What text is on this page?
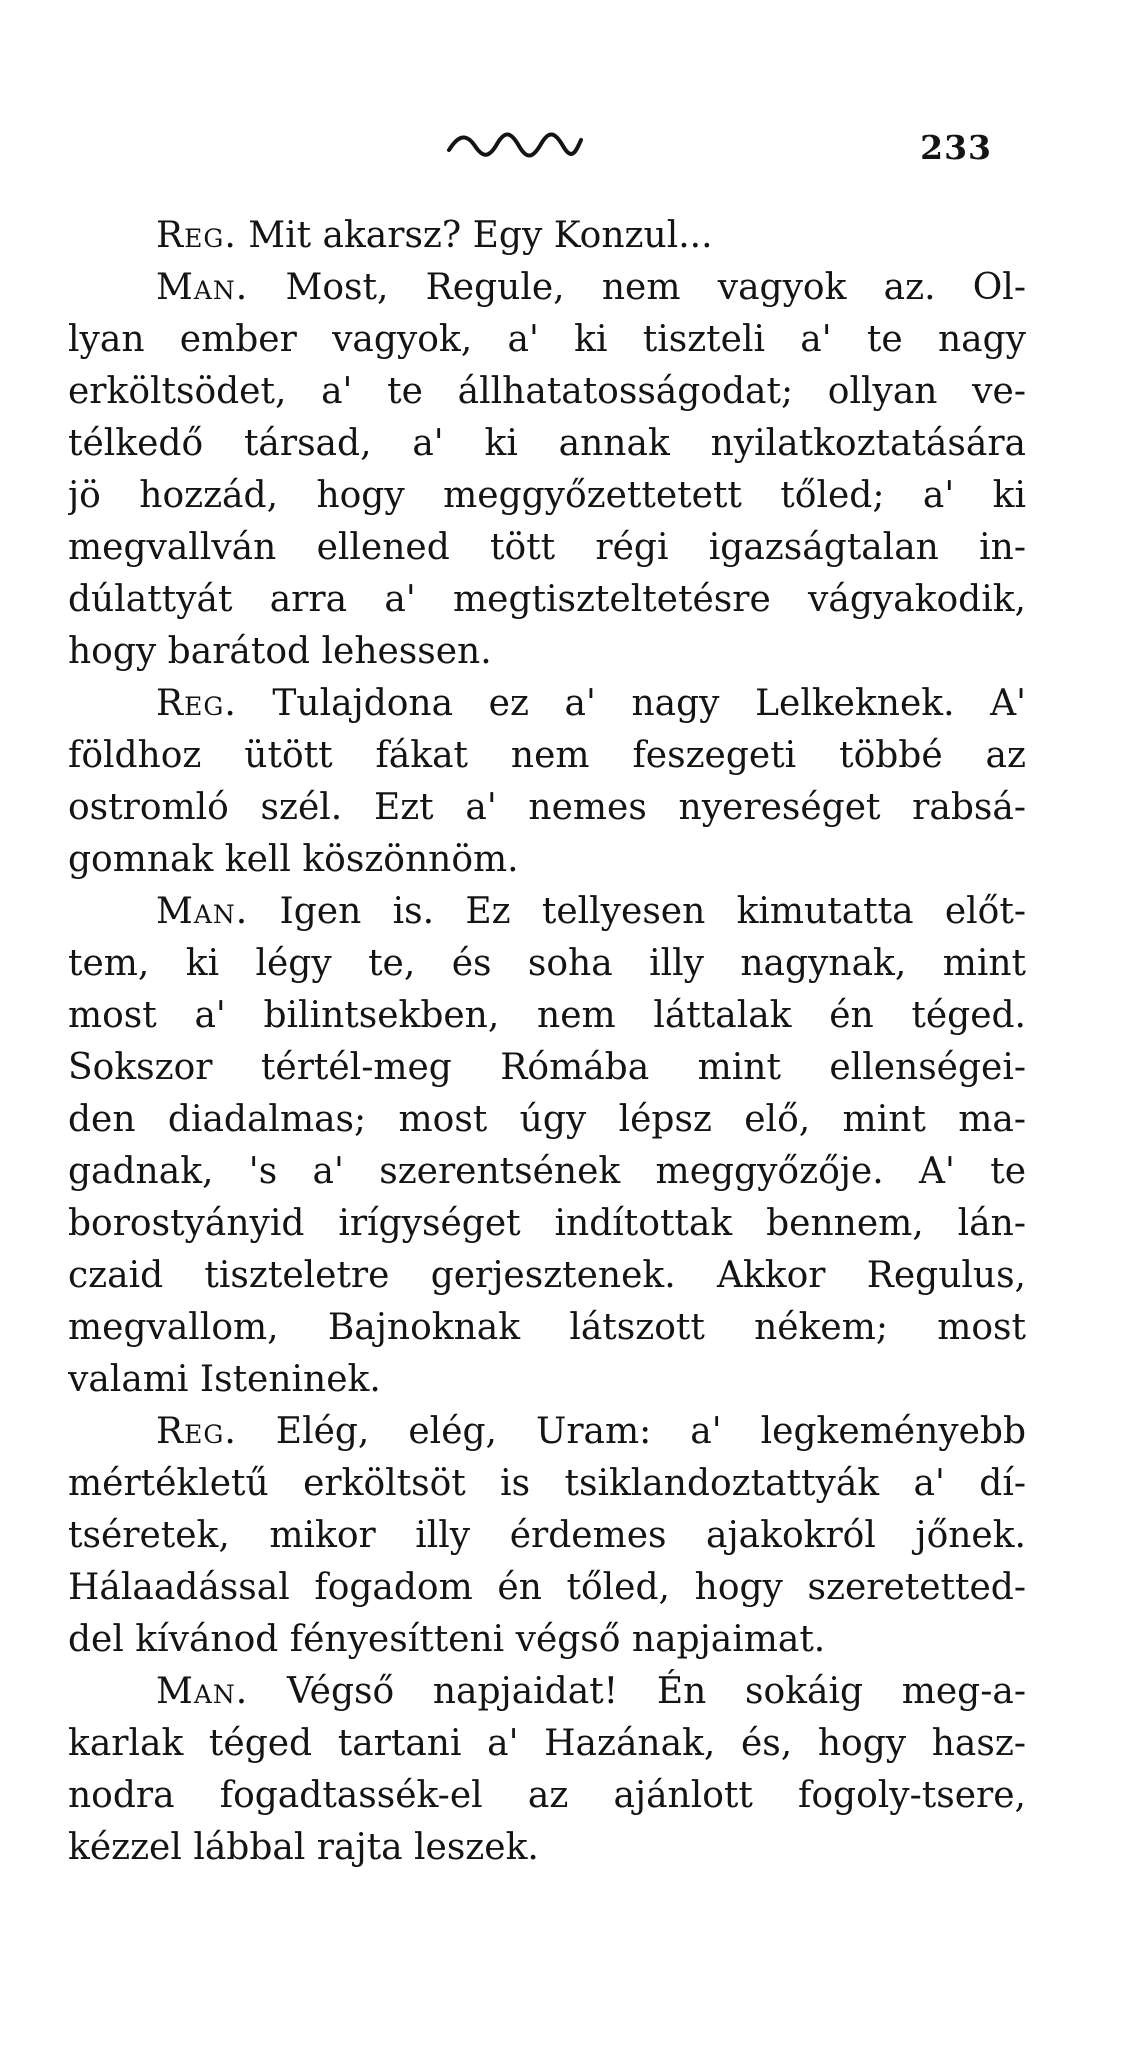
233
Reg. Mit akarsz? Egy Konzul...
Man. Most, Regule, nem vagyok az. Ol-
lyan ember vagyok, a' ki tiszteli a' te nagy
erköltsödet, a' te állhatatosságodat; ollyan ve-
télkedő társad, a' ki annak nyilatkoztatására
jö hozzád, hogy meggyőzettetett tőled; a' ki
megvallván ellened tött régi igazságtalan in-
dúlattyát arra a' megtiszteltetésre vágyakodik,
hogy barátod lehessen.
Reg. Tulajdona ez a' nagy Lelkeknek. A'
földhoz ütött fákat nem feszegeti többé az
ostromló szél. Ezt a' nemes nyereséget rabsá-
gomnak kell köszönnöm.
Man. Igen is. Ez tellyesen kimutatta előt-
tem, ki légy te, és soha illy nagynak, mint
most a' bilintsekben, nem láttalak én téged.
Sokszor tértél-meg Rómába mint ellenségei-
den diadalmas; most úgy lépsz elő, mint ma-
gadnak, 's a' szerentsének meggyőzője. A' te
borostyányid irígységet indítottak bennem, lán-
czaid tiszteletre gerjesztenek. Akkor Regulus,
megvallom, Bajnoknak látszott nékem; most
valami Isteninek.
Reg. Elég, elég, Uram: a' legkeményebb
mértékletű erköltsöt is tsiklandoztattyák a' dí-
tséretek, mikor illy érdemes ajakokról jőnek.
Hálaadással fogadom én tőled, hogy szeretetted-
del kívánod fényesítteni végső napjaimat.
Man. Végső napjaidat! Én sokáig meg-a-
karlak téged tartani a' Hazának, és, hogy hasz-
nodra fogadtassék-el az ajánlott fogoly-tsere,
kézzel lábbal rajta leszek.
